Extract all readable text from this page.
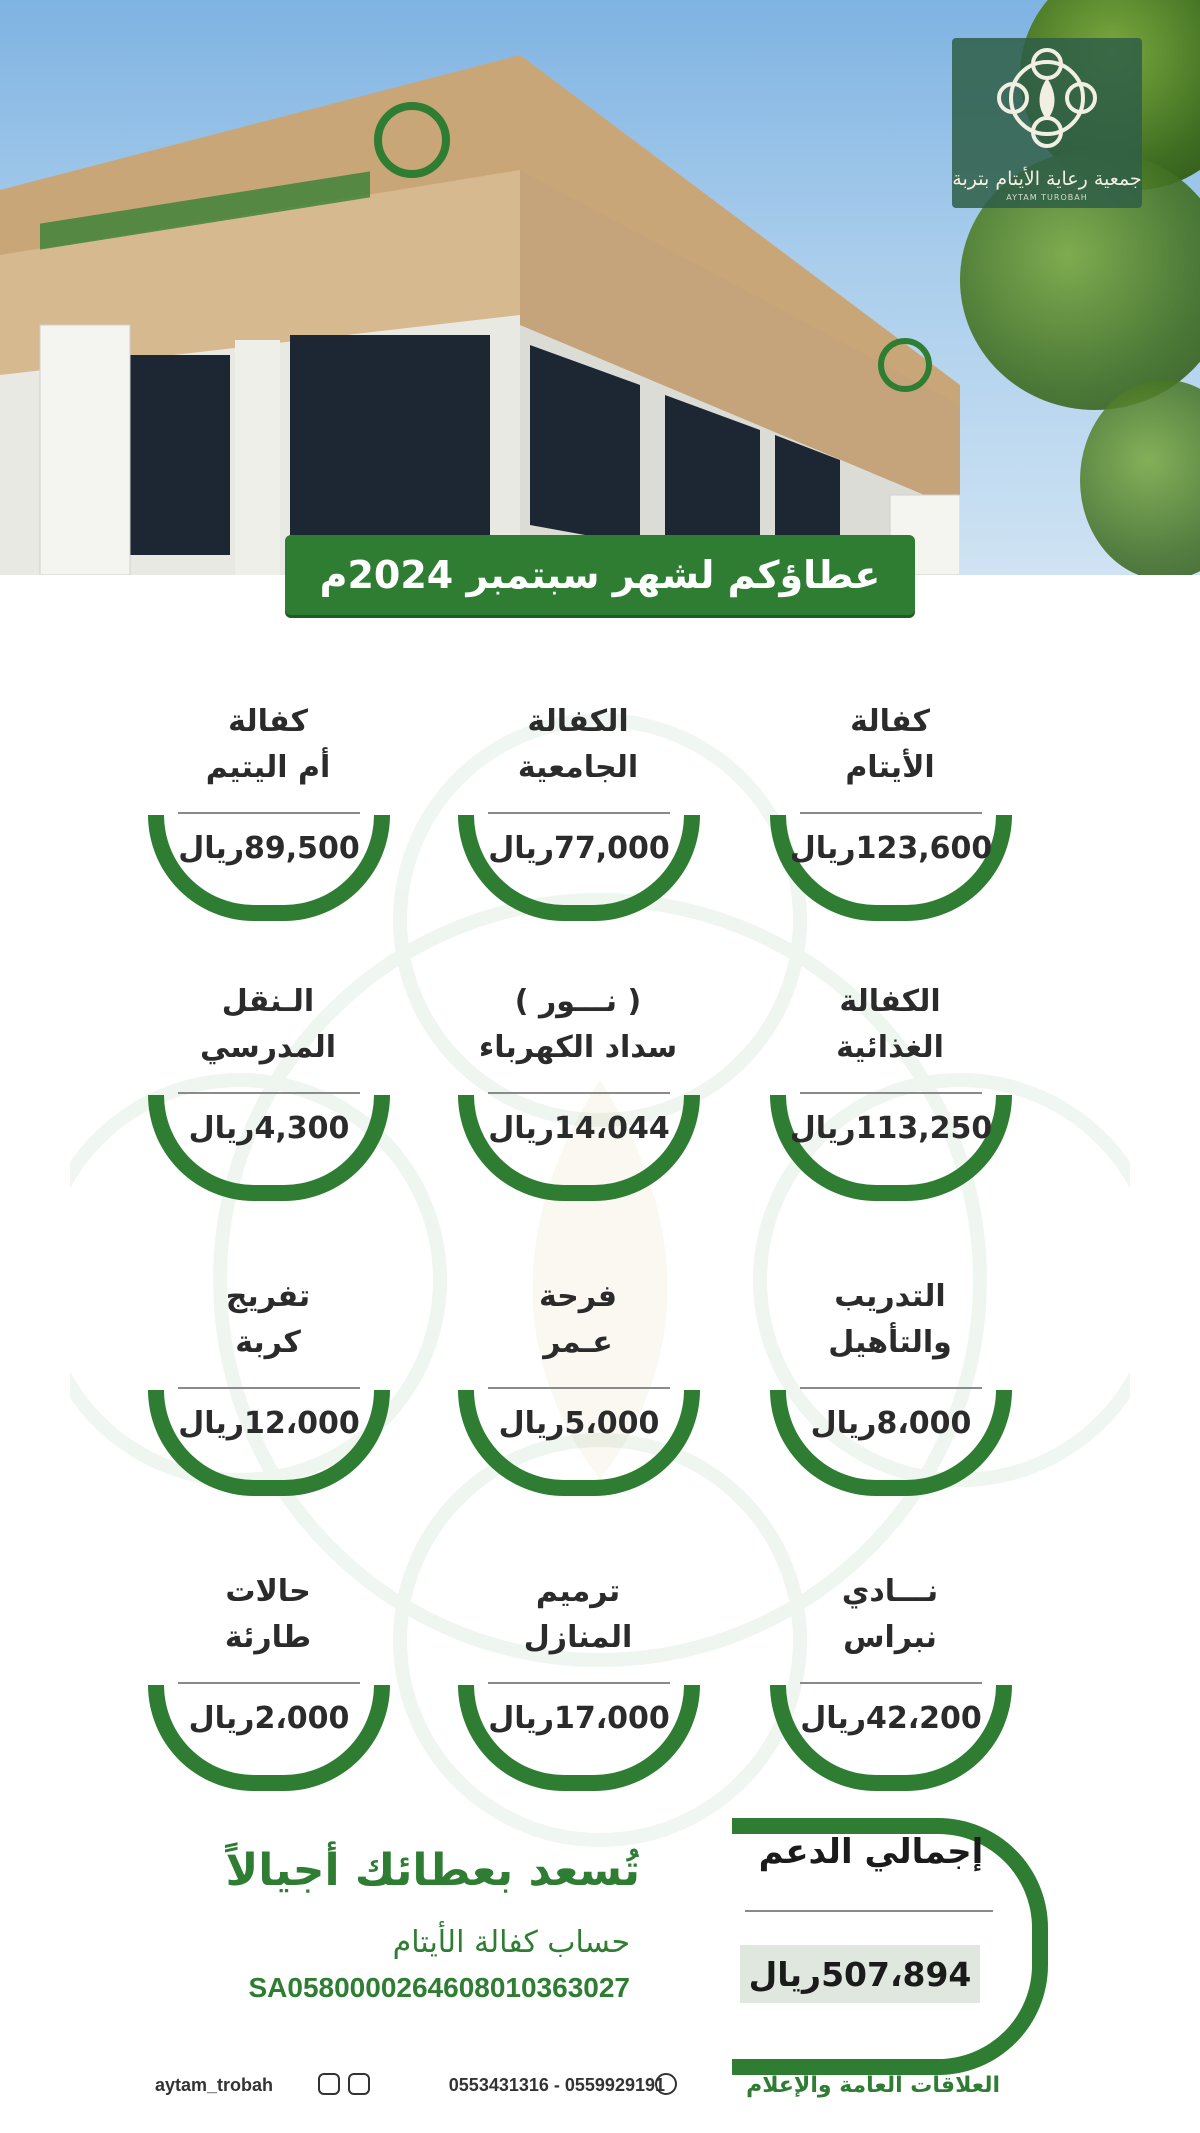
جمعية رعاية الأيتام بتربة
AYTAM TUROBAH
عطاؤكم لشهر سبتمبر 2024م
كفالة
الأيتام
123,600ريال
الكفالة
الجامعية
77,000ريال
كفالة
أم اليتيم
89,500ريال
الكفالة
الغذائية
113,250ريال
( نـــور )
سداد الكهرباء
14،044ريال
الـنقل
المدرسي
4,300ريال
التدريب
والتأهيل
8،000ريال
فرحة
عـمر
5،000ريال
تفريج
كربة
12،000ريال
نـــادي
نبراس
42،200ريال
ترميم
المنازل
17،000ريال
حالات
طارئة
2،000ريال
إجمالي الدعم
507،894ريال
تُسعد بعطائك أجيالاً
حساب كفالة الأيتام
SA0580000264608010363027
العلاقات العامة والإعلام
0553431316 - 0559929191
aytam_trobah
